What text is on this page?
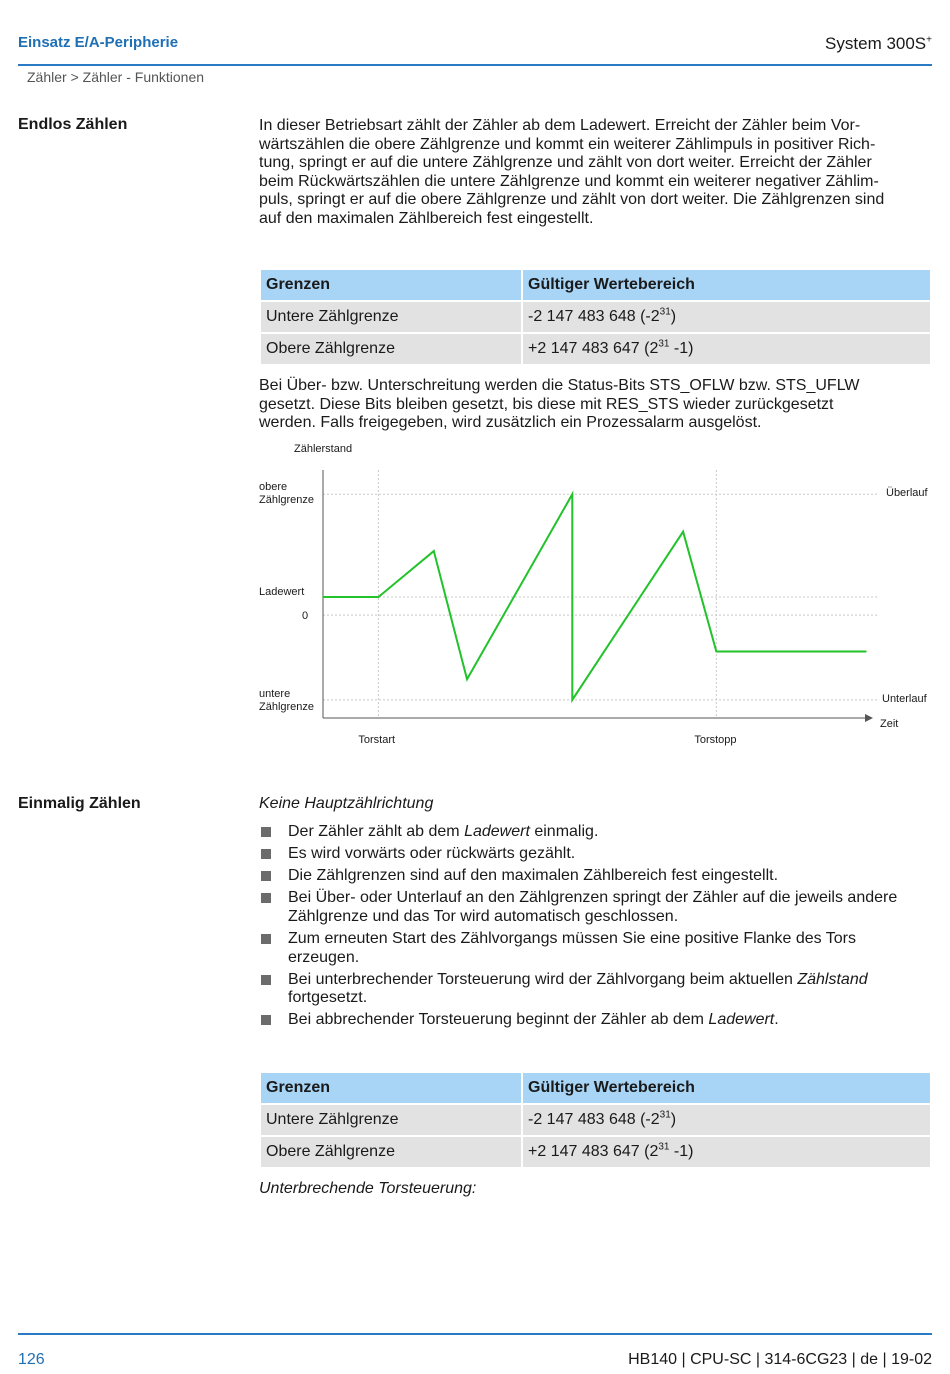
Einsatz E/A-Peripherie	System 300S+
Zähler > Zähler - Funktionen
Endlos Zählen	In dieser Betriebsart zählt der Zähler ab dem Ladewert. Erreicht der Zähler beim Vor-
wärtszählen die obere Zählgrenze und kommt ein weiterer Zählimpuls in positiver Rich-
tung, springt er auf die untere Zählgrenze und zählt von dort weiter. Erreicht der Zähler
beim Rückwärtszählen die untere Zählgrenze und kommt ein weiterer negativer Zählim-
puls, springt er auf die obere Zählgrenze und zählt von dort weiter. Die Zählgrenzen sind
auf den maximalen Zählbereich fest eingestellt.
Grenzen	Gültiger Wertebereich
Untere Zählgrenze	-2 147 483 648 $(-2^{31})$
Obere Zählgrenze	+2 147 483 647 ($2^{31}$ -1)
Bei Über- bzw. Unterschreitung werden die Status-Bits STS_OFLW bzw. STS_UFLW
gesetzt. Diese Bits bleiben gesetzt, bis diese mit RES_STS wieder zurückgesetzt
werden. Falls freigegeben, wird zusätzlich ein Prozessalarm ausgelöst.
Zählerstand
Zeit
obere
Zählgrenze
Ladewert
0
untere
Zählgrenze
Überlauf
Unterlauf
Torstart	Torstopp
Einmalig Zählen	Keine Hauptzählrichtung
Der Zähler zählt ab dem Ladewert einmalig.
Es wird vorwärts oder rückwärts gezählt.
Die Zählgrenzen sind auf den maximalen Zählbereich fest eingestellt.
Bei Über- oder Unterlauf an den Zählgrenzen springt der Zähler auf die jeweils andere Zählgrenze und das Tor wird automatisch geschlossen.
Zum erneuten Start des Zählvorgangs müssen Sie eine positive Flanke des Tors erzeugen.
Bei unterbrechender Torsteuerung wird der Zählvorgang beim aktuellen Zählstand fortgesetzt.
Bei abbrechender Torsteuerung beginnt der Zähler ab dem Ladewert.
Grenzen	Gültiger Wertebereich
Untere Zählgrenze	-2 147 483 648 $(-2^{31})$
Obere Zählgrenze	+2 147 483 647 ($2^{31}$ -1)
Unterbrechende Torsteuerung:
126	HB140 | CPU-SC | 314-6CG23 | de | 19-02
